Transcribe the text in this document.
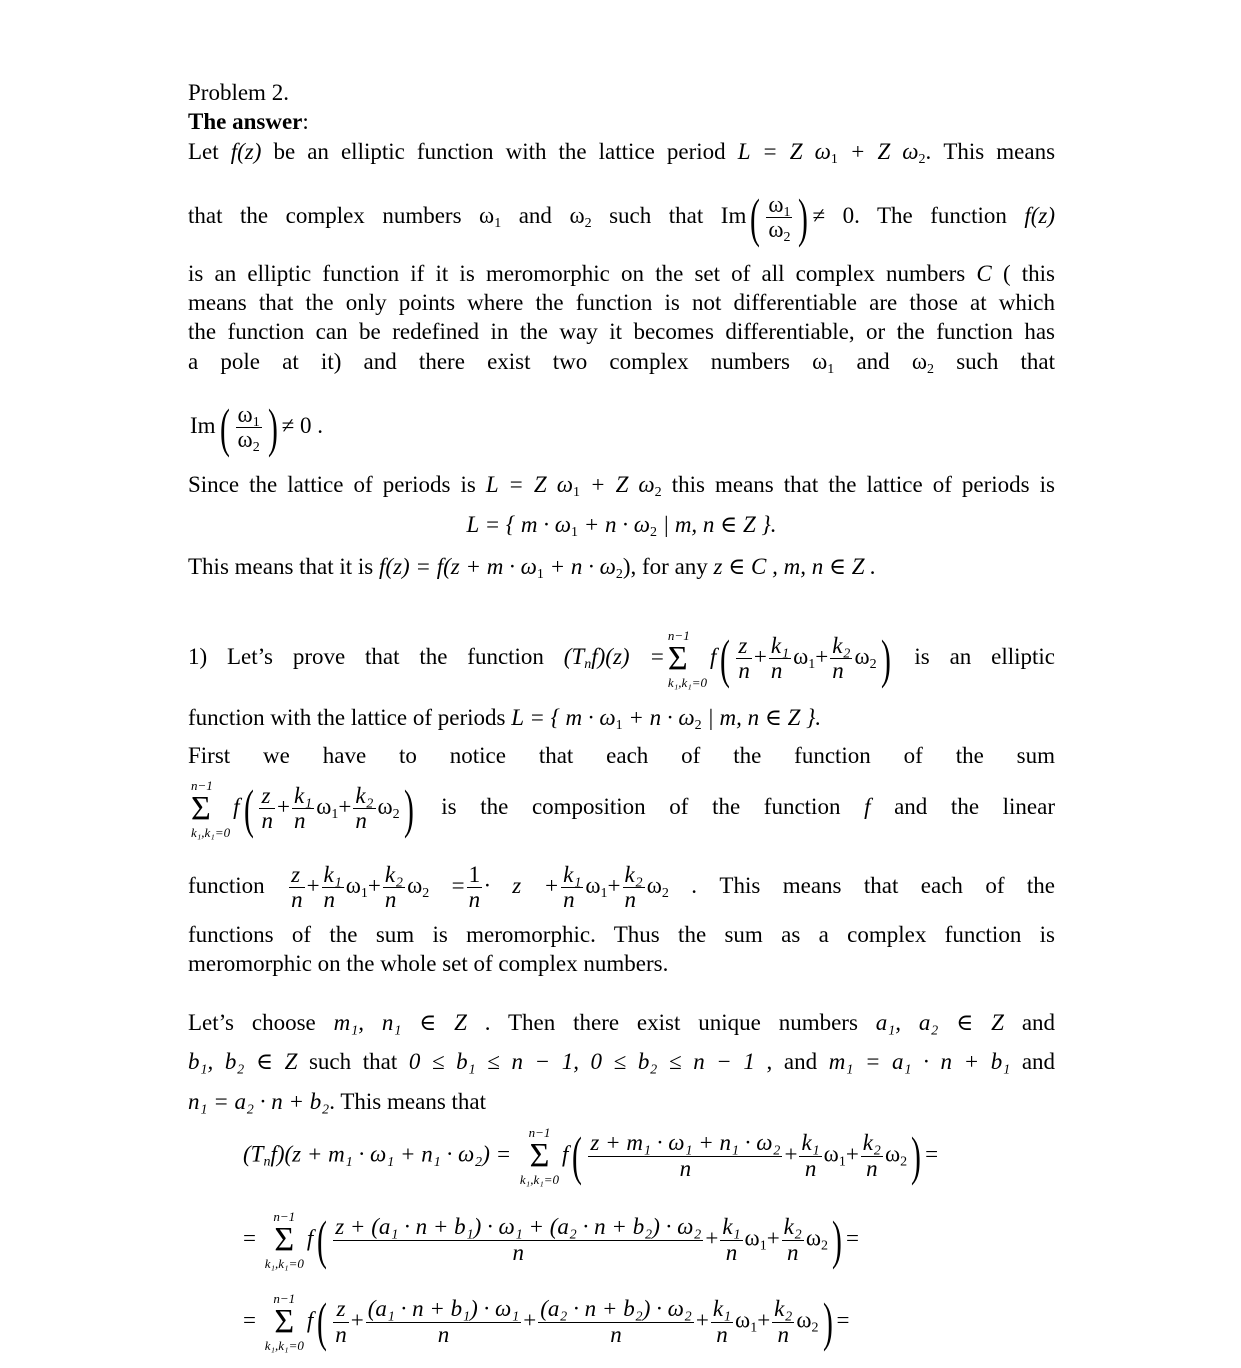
Problem 2.
The answer:
Let f(z) be an elliptic function with the lattice period L = Z $\omega_1 + Z$ $\omega_2$. This means
that the complex numbers $\omega_1$ and $\omega_2$ such that $Im( \frac{\omega_1}{\omega_2}$ ) ≠ 0. The function f(z)
is an elliptic function if it is meromorphic on the set of all complex numbers C ( this
means that the only points where the function is not differentiable are those at which
the function can be redefined in the way it becomes differentiable, or the function has
a pole at it) and there exist two complex numbers $\omega_1$ and $\omega_2$ such that
$Im( \frac{\omega_1}{\omega_2}$ ) ≠ 0 .
Since the lattice of periods is L = Z $\omega_1 + Z$ $\omega_2$ this means that the lattice of periods is
L = { $m \cdot \omega_1 + n \cdot \omega_2$ | m, n ∈ Z }.
This means that it is $f(z) = f(z + m \cdot \omega_1 + n \cdot \omega_2)$, for any z ∈ C , m, n ∈ Z .
1) Let’s prove that the function $(T_nf)(z)$ =
n−1
Σ
k₁,k₁=0
$f( \frac{z}{n} + \frac{\text{k₁}}{n} \omega_1+ \frac{\text{k₂}}{n} \omega_2)$ is an elliptic
function with the lattice of periods L = { $m \cdot \omega_1 + n \cdot \omega_2$ | m, n ∈ Z }.
First we have to notice that each of the function of the sum
n−1
Σ
k₁,k₁=0
$f( \frac{z}{n} + \frac{\text{k₁}}{n} \omega_1+ \frac{\text{k₂}}{n} \omega_2)$ is the composition of the function f and the linear
function $\frac{z}{n} + \frac{\text{k₁}}{n} \omega_1+ \frac{\text{k₂}}{n} \omega_2 = \frac{1}{n} \cdot z + \frac{\text{k₁}}{n} \omega_1+ \frac{\text{k₂}}{n} \omega_2$ . This means that each of the
functions of the sum is meromorphic. Thus the sum as a complex function is
meromorphic on the whole set of complex numbers.
Let’s choose m₁, n₁ ∈ Z . Then there exist unique numbers a₁, a₂ ∈ Z and
b₁, b₂ ∈ Z such that 0 ≤ b₁ ≤ n − 1, 0 ≤ b₂ ≤ n − 1 , and m₁ = a₁ · n + b₁ and
n₁ = a₂ · n + b₂. This means that
$(T_nf)(z + m_1 \cdot \omega_1 + n_1 \cdot \omega_2)$ =
n−1
Σ
k₁,k₁=0
$f( \frac{\text{z + m₁ · ω₁ + n₁ · ω₂}}{n} + \frac{\text{k₁}}{n} \omega_1+ \frac{\text{k₂}}{n} \omega_2)$ =
=
n−1
Σ
k₁,k₁=0
$f( \frac{\text{z + (a₁ · n + b₁) · ω₁ + (a₂ · n + b₂) · ω₂}}{n} + \frac{\text{k₁}}{n} \omega_1+ \frac{\text{k₂}}{n} \omega_2)$ =
=
n−1
Σ
k₁,k₁=0
$f( \frac{z}{n} + \frac{\text{(a₁ · n + b₁) · ω₁}}{n} + \frac{\text{(a₂ · n + b₂) · ω₂}}{n} + \frac{\text{k₁}}{n} \omega_1+ \frac{\text{k₂}}{n} \omega_2)$ =
